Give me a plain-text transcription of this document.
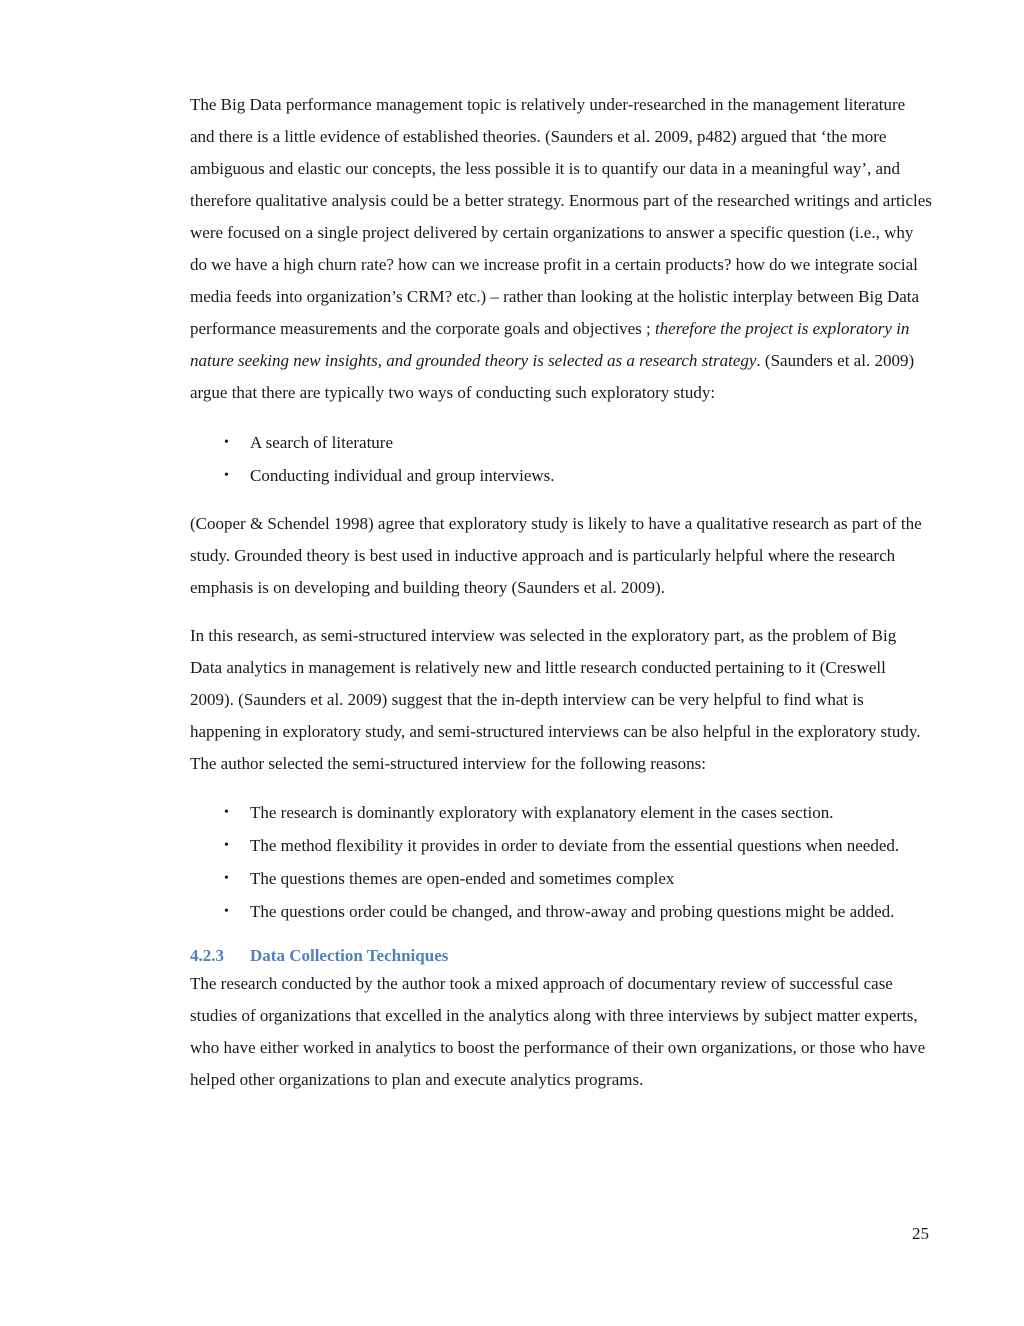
The Big Data performance management topic is relatively under-researched in the management literature and there is a little evidence of established theories. (Saunders et al. 2009, p482) argued that ‘the more ambiguous and elastic our concepts, the less possible it is to quantify our data in a meaningful way’, and therefore qualitative analysis could be a better strategy. Enormous part of the researched writings and articles were focused on a single project delivered by certain organizations to answer a specific question (i.e., why do we have a high churn rate? how can we increase profit in a certain products? how do we integrate social media feeds into organization’s CRM? etc.) – rather than looking at the holistic interplay between Big Data performance measurements and the corporate goals and objectives ; therefore the project is exploratory in nature seeking new insights, and grounded theory is selected as a research strategy. (Saunders et al. 2009) argue that there are typically two ways of conducting such exploratory study:

• A search of literature
• Conducting individual and group interviews.

(Cooper & Schendel 1998) agree that exploratory study is likely to have a qualitative research as part of the study. Grounded theory is best used in inductive approach and is particularly helpful where the research emphasis is on developing and building theory (Saunders et al. 2009).

In this research, as semi-structured interview was selected in the exploratory part, as the problem of Big Data analytics in management is relatively new and little research conducted pertaining to it (Creswell 2009). (Saunders et al. 2009) suggest that the in-depth interview can be very helpful to find what is happening in exploratory study, and semi-structured interviews can be also helpful in the exploratory study. The author selected the semi-structured interview for the following reasons:

• The research is dominantly exploratory with explanatory element in the cases section.
• The method flexibility it provides in order to deviate from the essential questions when needed.
• The questions themes are open-ended and sometimes complex
• The questions order could be changed, and throw-away and probing questions might be added.
4.2.3	Data Collection Techniques

The research conducted by the author took a mixed approach of documentary review of successful case studies of organizations that excelled in the analytics along with three interviews by subject matter experts, who have either worked in analytics to boost the performance of their own organizations, or those who have helped other organizations to plan and execute analytics programs.

25
